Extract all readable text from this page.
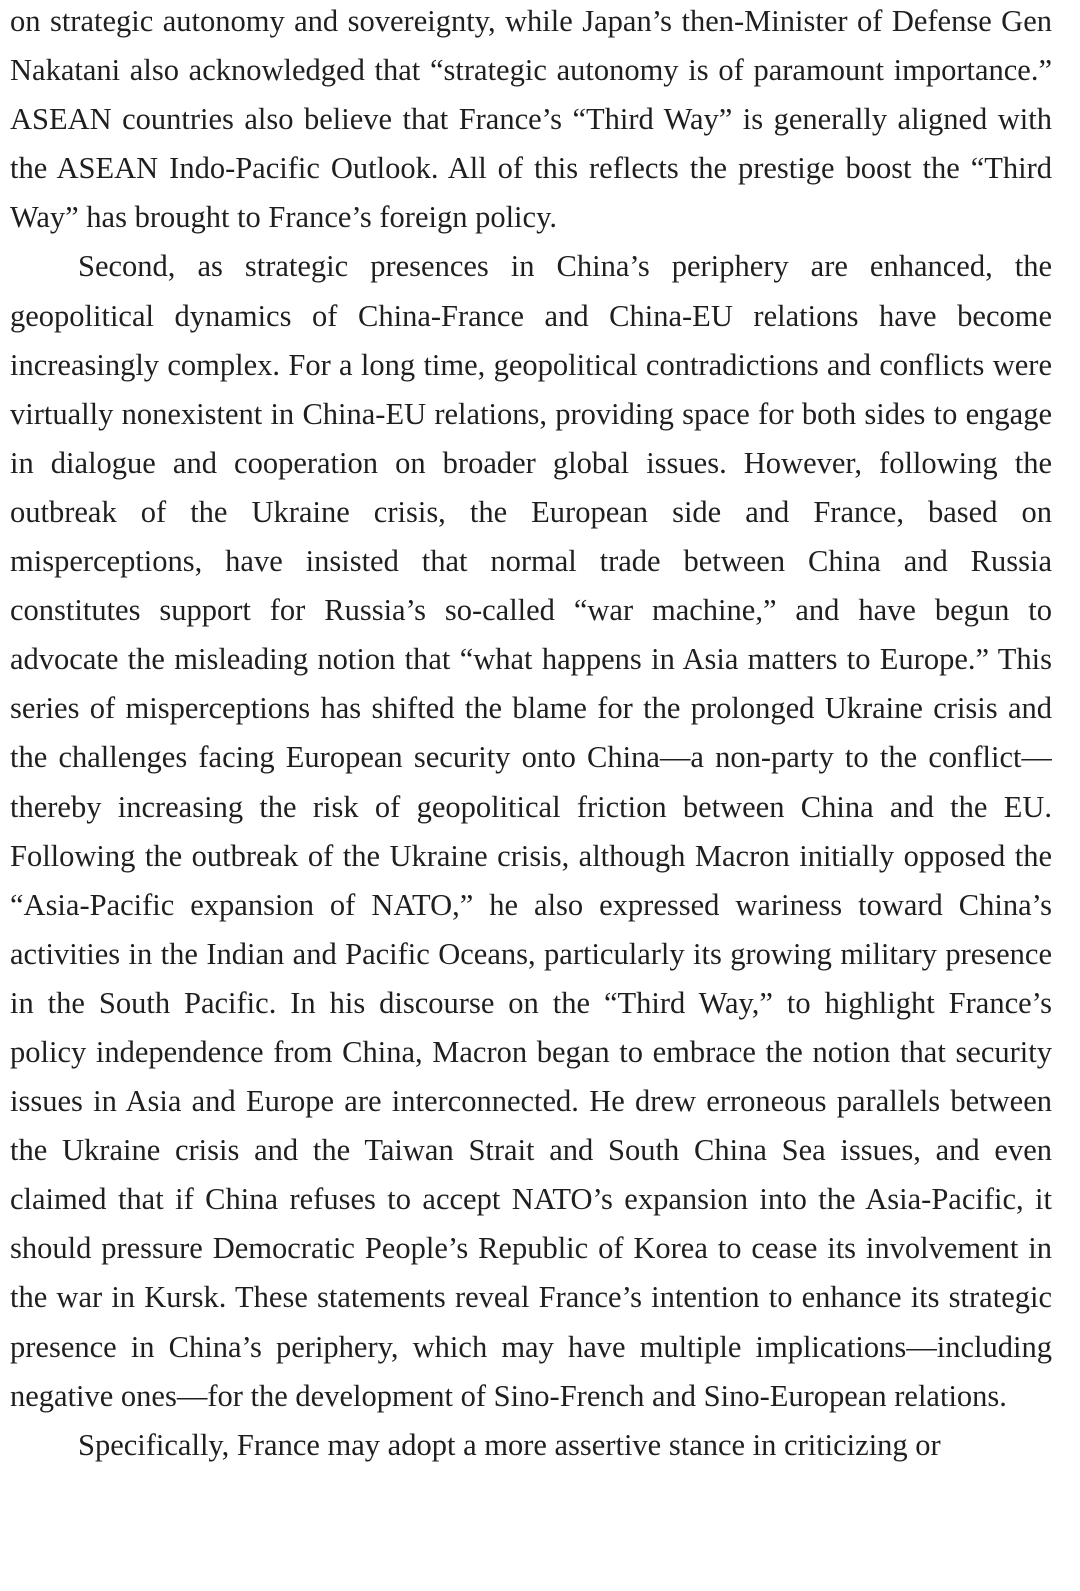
on strategic autonomy and sovereignty, while Japan’s then-Minister of Defense Gen Nakatani also acknowledged that “strategic autonomy is of paramount importance.” ASEAN countries also believe that France’s “Third Way” is generally aligned with the ASEAN Indo-Pacific Outlook. All of this reflects the prestige boost the “Third Way” has brought to France’s foreign policy.

Second, as strategic presences in China’s periphery are enhanced, the geopolitical dynamics of China-France and China-EU relations have become increasingly complex. For a long time, geopolitical contradictions and conflicts were virtually nonexistent in China-EU relations, providing space for both sides to engage in dialogue and cooperation on broader global issues. However, following the outbreak of the Ukraine crisis, the European side and France, based on misperceptions, have insisted that normal trade between China and Russia constitutes support for Russia’s so-called “war machine,” and have begun to advocate the misleading notion that “what happens in Asia matters to Europe.” This series of misperceptions has shifted the blame for the prolonged Ukraine crisis and the challenges facing European security onto China—a non-party to the conflict—thereby increasing the risk of geopolitical friction between China and the EU. Following the outbreak of the Ukraine crisis, although Macron initially opposed the “Asia-Pacific expansion of NATO,” he also expressed wariness toward China’s activities in the Indian and Pacific Oceans, particularly its growing military presence in the South Pacific. In his discourse on the “Third Way,” to highlight France’s policy independence from China, Macron began to embrace the notion that security issues in Asia and Europe are interconnected. He drew erroneous parallels between the Ukraine crisis and the Taiwan Strait and South China Sea issues, and even claimed that if China refuses to accept NATO’s expansion into the Asia-Pacific, it should pressure Democratic People’s Republic of Korea to cease its involvement in the war in Kursk. These statements reveal France’s intention to enhance its strategic presence in China’s periphery, which may have multiple implications—including negative ones—for the development of Sino-French and Sino-European relations.

Specifically, France may adopt a more assertive stance in criticizing or
